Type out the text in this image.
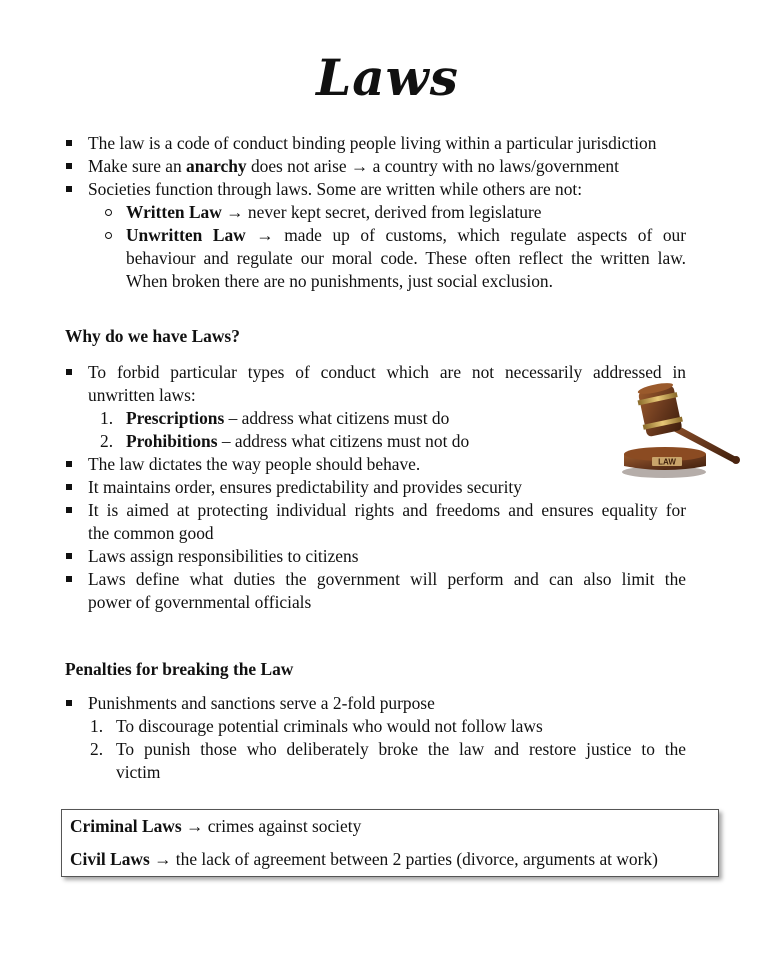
Laws
The law is a code of conduct binding people living within a particular jurisdiction
Make sure an anarchy does not arise → a country with no laws/government
Societies function through laws. Some are written while others are not:
Written Law → never kept secret, derived from legislature
Unwritten Law → made up of customs, which regulate aspects of our
behaviour and regulate our moral code. These often reflect the written law.
When broken there are no punishments, just social exclusion.
Why do we have Laws?
To forbid particular types of conduct which are not necessarily addressed in
unwritten laws:
1. Prescriptions – address what citizens must do
2. Prohibitions – address what citizens must not do
The law dictates the way people should behave.
It maintains order, ensures predictability and provides security
It is aimed at protecting individual rights and freedoms and ensures equality for
the common good
Laws assign responsibilities to citizens
Laws define what duties the government will perform and can also limit the
power of governmental officials
LAW
Penalties for breaking the Law
Punishments and sanctions serve a 2-fold purpose
1. To discourage potential criminals who would not follow laws
2. To punish those who deliberately broke the law and restore justice to the
victim
Criminal Laws → crimes against society
Civil Laws → the lack of agreement between 2 parties (divorce, arguments at work)
